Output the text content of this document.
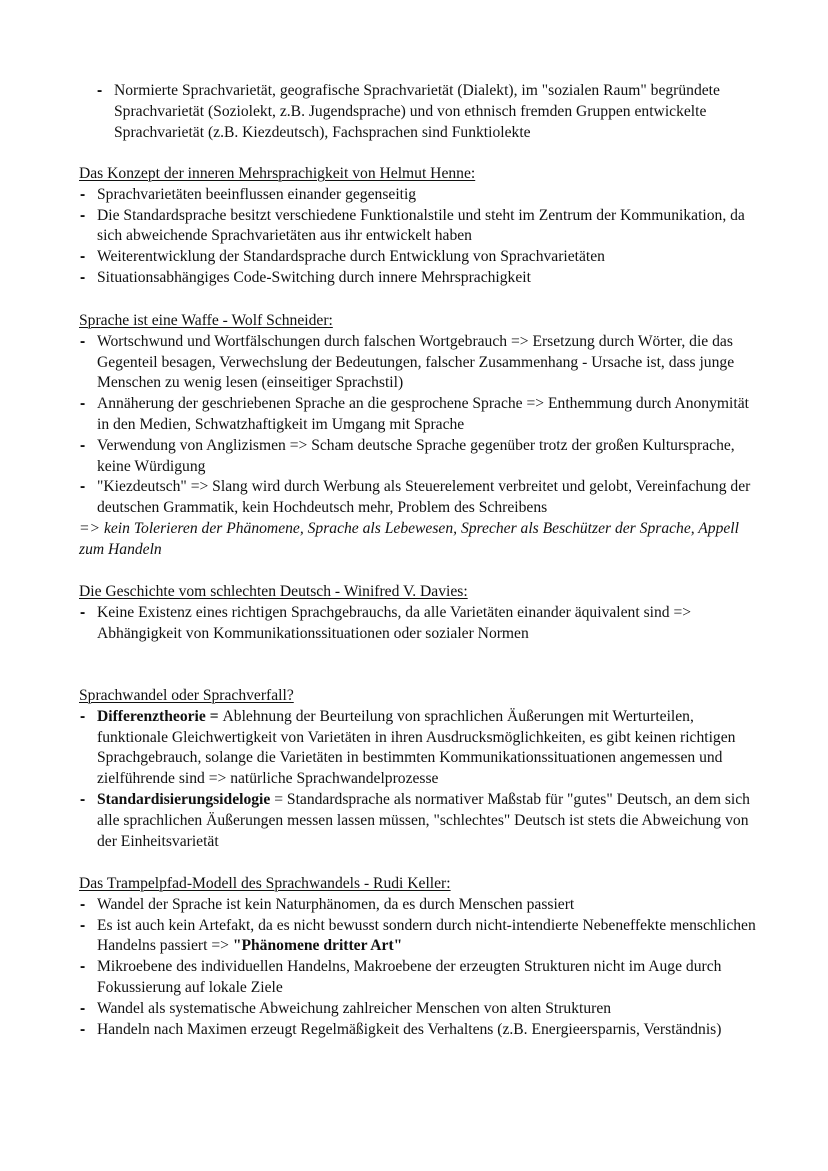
- Normierte Sprachvarietät, geografische Sprachvarietät (Dialekt), im "sozialen Raum" begründete Sprachvarietät (Soziolekt, z.B. Jugendsprache) und von ethnisch fremden Gruppen entwickelte Sprachvarietät (z.B. Kiezdeutsch), Fachsprachen sind Funktiolekte
Das Konzept der inneren Mehrsprachigkeit von Helmut Henne:
- Sprachvarietäten beeinflussen einander gegenseitig
- Die Standardsprache besitzt verschiedene Funktionalstile und steht im Zentrum der Kommunikation, da sich abweichende Sprachvarietäten aus ihr entwickelt haben
- Weiterentwicklung der Standardsprache durch Entwicklung von Sprachvarietäten
- Situationsabhängiges Code-Switching durch innere Mehrsprachigkeit
Sprache ist eine Waffe - Wolf Schneider:
- Wortschwund und Wortfälschungen durch falschen Wortgebrauch => Ersetzung durch Wörter, die das Gegenteil besagen, Verwechslung der Bedeutungen, falscher Zusammenhang - Ursache ist, dass junge Menschen zu wenig lesen (einseitiger Sprachstil)
- Annäherung der geschriebenen Sprache an die gesprochene Sprache => Enthemmung durch Anonymität in den Medien, Schwatzhaftigkeit im Umgang mit Sprache
- Verwendung von Anglizismen => Scham deutsche Sprache gegenüber trotz der großen Kultursprache, keine Würdigung
- "Kiezdeutsch" => Slang wird durch Werbung als Steuerelement verbreitet und gelobt, Vereinfachung der deutschen Grammatik, kein Hochdeutsch mehr, Problem des Schreibens
=> kein Tolerieren der Phänomene, Sprache als Lebewesen, Sprecher als Beschützer der Sprache, Appell zum Handeln
Die Geschichte vom schlechten Deutsch - Winifred V. Davies:
- Keine Existenz eines richtigen Sprachgebrauchs, da alle Varietäten einander äquivalent sind => Abhängigkeit von Kommunikationssituationen oder sozialer Normen
Sprachwandel oder Sprachverfall?
- Differenztheorie = Ablehnung der Beurteilung von sprachlichen Äußerungen mit Werturteilen, funktionale Gleichwertigkeit von Varietäten in ihren Ausdrucksmöglichkeiten, es gibt keinen richtigen Sprachgebrauch, solange die Varietäten in bestimmten Kommunikationssituationen angemessen und zielführende sind => natürliche Sprachwandelprozesse
- Standardisierungsidelogie = Standardsprache als normativer Maßstab für "gutes" Deutsch, an dem sich alle sprachlichen Äußerungen messen lassen müssen, "schlechtes" Deutsch ist stets die Abweichung von der Einheitsvarietät
Das Trampelpfad-Modell des Sprachwandels - Rudi Keller:
- Wandel der Sprache ist kein Naturphänomen, da es durch Menschen passiert
- Es ist auch kein Artefakt, da es nicht bewusst sondern durch nicht-intendierte Nebeneffekte menschlichen Handelns passiert => "Phänomene dritter Art"
- Mikroebene des individuellen Handelns, Makroebene der erzeugten Strukturen nicht im Auge durch Fokussierung auf lokale Ziele
- Wandel als systematische Abweichung zahlreicher Menschen von alten Strukturen
- Handeln nach Maximen erzeugt Regelmäßigkeit des Verhaltens (z.B. Energieersparnis, Verständnis)
